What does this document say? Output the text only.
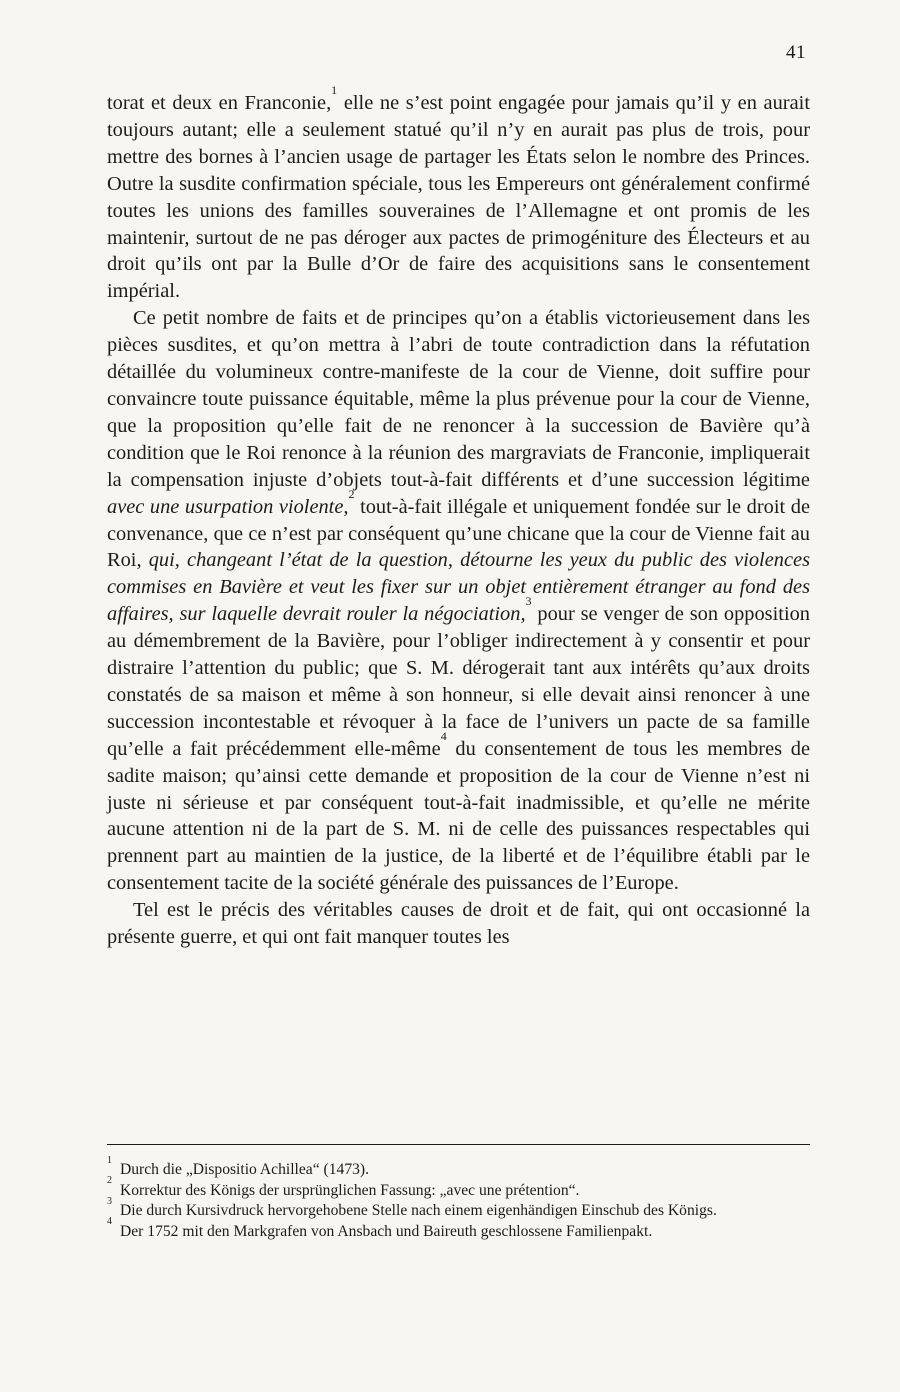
41

torat et deux en Franconie,$^1$ elle ne s’est point engagée pour jamais qu’il y en aurait toujours autant; elle a seulement statué qu’il n’y en aurait pas plus de trois, pour mettre des bornes à l’ancien usage de partager les États selon le nombre des Princes. Outre la susdite confirmation spéciale, tous les Empereurs ont généralement confirmé toutes les unions des familles souveraines de l’Allemagne et ont promis de les maintenir, surtout de ne pas déroger aux pactes de primogéniture des Électeurs et au droit qu’ils ont par la Bulle d’Or de faire des acquisitions sans le consentement impérial.

Ce petit nombre de faits et de principes qu’on a établis victorieusement dans les pièces susdites, et qu’on mettra à l’abri de toute contradiction dans la réfutation détaillée du volumineux contre-manifeste de la cour de Vienne, doit suffire pour convaincre toute puissance équitable, même la plus prévenue pour la cour de Vienne, que la proposition qu’elle fait de ne renoncer à la succession de Bavière qu’à condition que le Roi renonce à la réunion des margraviats de Franconie, impliquerait la compensation injuste d’objets tout-à-fait différents et d’une succession légitime avec une usurpation violente,$^2$ tout-à-fait illégale et uniquement fondée sur le droit de convenance, que ce n’est par conséquent qu’une chicane que la cour de Vienne fait au Roi, qui, changeant l’état de la question, détourne les yeux du public des violences commises en Bavière et veut les fixer sur un objet entièrement étranger au fond des affaires, sur laquelle devrait rouler la négociation,$^3$ pour se venger de son opposition au démembrement de la Bavière, pour l’obliger indirectement à y consentir et pour distraire l’attention du public; que S. M. dérogerait tant aux intérêts qu’aux droits constatés de sa maison et même à son honneur, si elle devait ainsi renoncer à une succession incontestable et révoquer à la face de l’univers un pacte de sa famille qu’elle a fait précédemment elle-même$^4$ du consentement de tous les membres de sadite maison; qu’ainsi cette demande et proposition de la cour de Vienne n’est ni juste ni sérieuse et par conséquent tout-à-fait inadmissible, et qu’elle ne mérite aucune attention ni de la part de S. M. ni de celle des puissances respectables qui prennent part au maintien de la justice, de la liberté et de l’équilibre établi par le consentement tacite de la société générale des puissances de l’Europe.

Tel est le précis des véritables causes de droit et de fait, qui ont occasionné la présente guerre, et qui ont fait manquer toutes les

$^1$Durch die „Dispositio Achillea“ (1473).

$^2$Korrektur des Königs der ursprünglichen Fassung: „avec une prétention“.

$^3$Die durch Kursivdruck hervorgehobene Stelle nach einem eigenhändigen Einschub des Königs.

$^4$Der 1752 mit den Markgrafen von Ansbach und Baireuth geschlossene Familienpakt.
